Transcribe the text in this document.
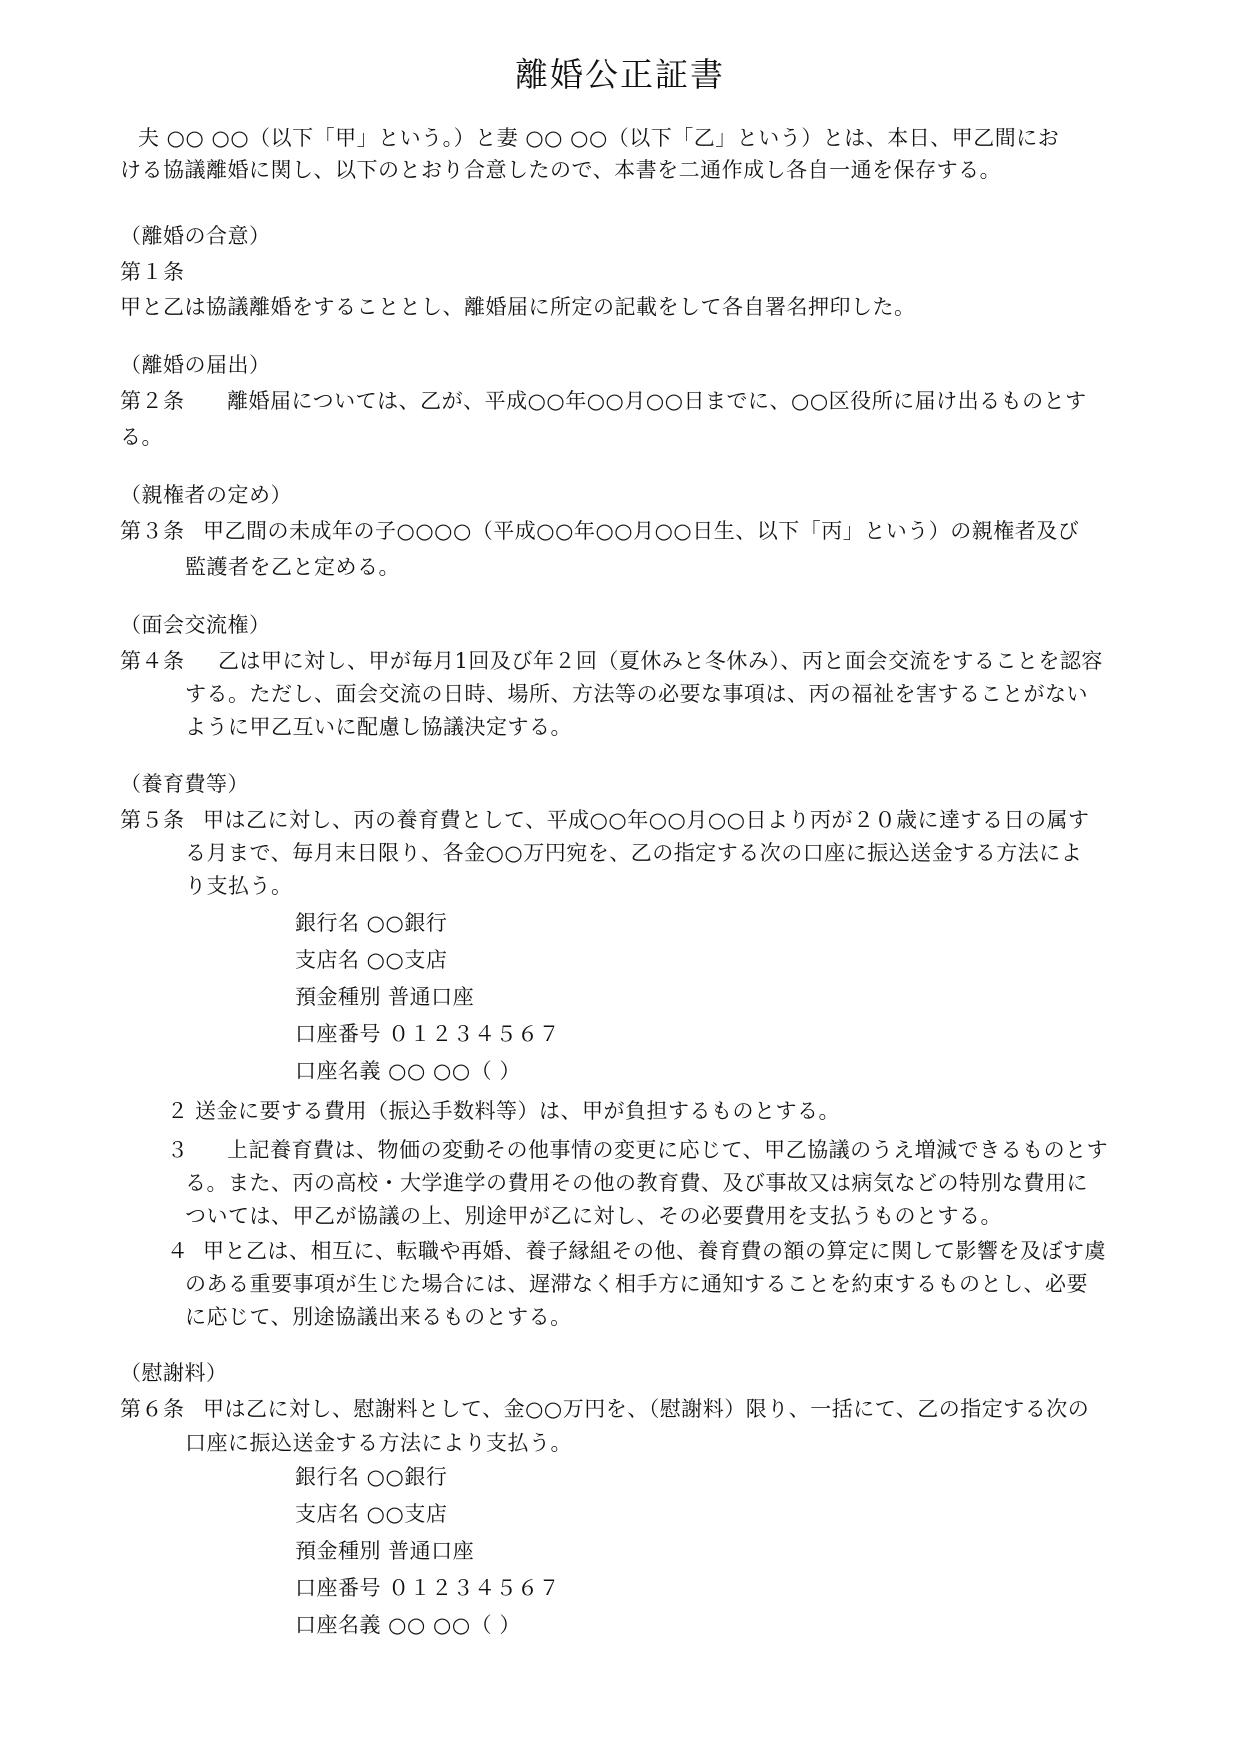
離婚公正証書
夫 ○○ ○○（以下「甲」という。）と妻 ○○ ○○（以下「乙」という）とは、本日、甲乙間にお
ける協議離婚に関し、以下のとおり合意したので、本書を二通作成し各自一通を保存する。
（離婚の合意）
第１条
甲と乙は協議離婚をすることとし、離婚届に所定の記載をして各自署名押印した。
（離婚の届出）
第２条 離婚届については、乙が、平成○○年○○月○○日までに、○○区役所に届け出るものとす
る。
（親権者の定め）
第３条 甲乙間の未成年の子○○○○（平成○○年○○月○○日生、以下「丙」という）の親権者及び
監護者を乙と定める。
（面会交流権）
第４条 乙は甲に対し、甲が毎月1回及び年２回（夏休みと冬休み）、丙と面会交流をすることを認容
する。ただし、面会交流の日時、場所、方法等の必要な事項は、丙の福祉を害することがない
ように甲乙互いに配慮し協議決定する。
（養育費等）
第５条 甲は乙に対し、丙の養育費として、平成○○年○○月○○日より丙が２０歳に達する日の属す
る月まで、毎月末日限り、各金○○万円宛を、乙の指定する次の口座に振込送金する方法によ
り支払う。
銀行名 ○○銀行
支店名 ○○支店
預金種別 普通口座
口座番号 ０１２３４５６７
口座名義 ○○ ○○（ ）
２ 送金に要する費用（振込手数料等）は、甲が負担するものとする。
３ 上記養育費は、物価の変動その他事情の変更に応じて、甲乙協議のうえ増減できるものとす
る。また、丙の高校・大学進学の費用その他の教育費、及び事故又は病気などの特別な費用に
ついては、甲乙が協議の上、別途甲が乙に対し、その必要費用を支払うものとする。
４ 甲と乙は、相互に、転職や再婚、養子縁組その他、養育費の額の算定に関して影響を及ぼす虞
のある重要事項が生じた場合には、遅滞なく相手方に通知することを約束するものとし、必要
に応じて、別途協議出来るものとする。
（慰謝料）
第６条 甲は乙に対し、慰謝料として、金○○万円を、（慰謝料）限り、一括にて、乙の指定する次の
口座に振込送金する方法により支払う。
銀行名 ○○銀行
支店名 ○○支店
預金種別 普通口座
口座番号 ０１２３４５６７
口座名義 ○○ ○○（ ）
